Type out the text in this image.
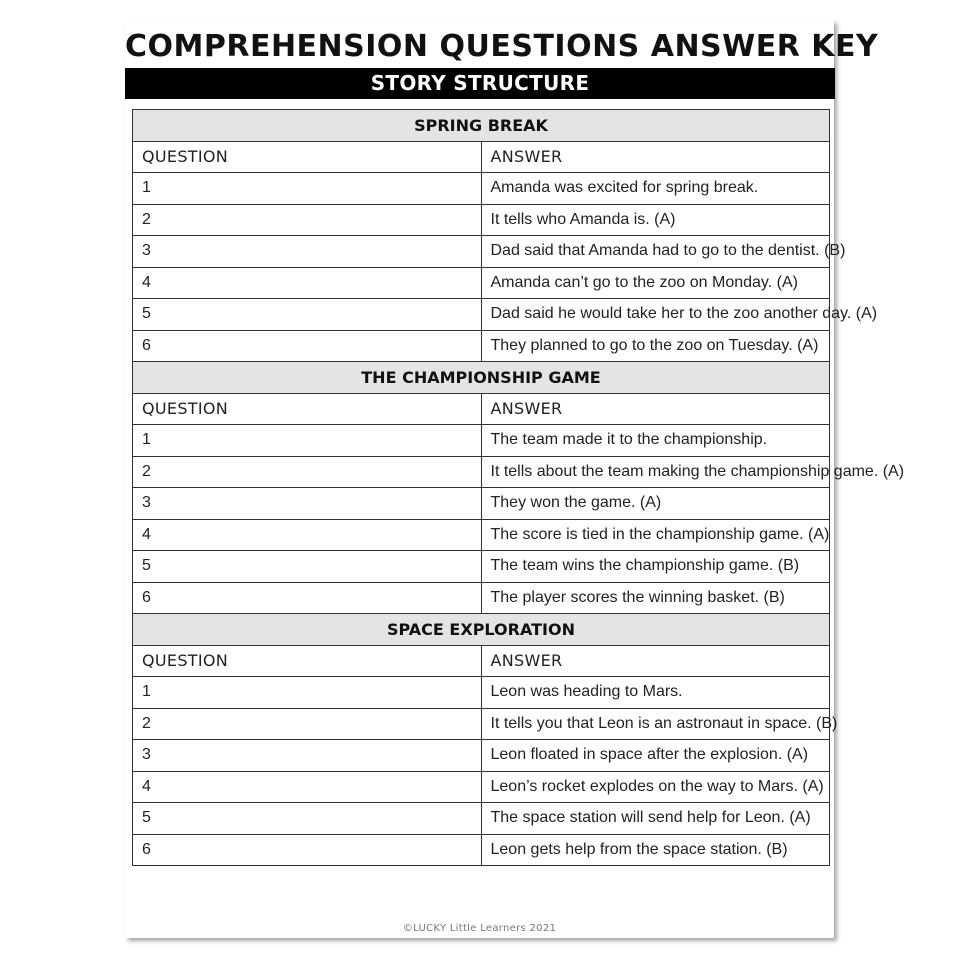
COMPREHENSION QUESTIONS ANSWER KEY
STORY STRUCTURE
SPRING BREAK	
QUESTION	ANSWER
1	Amanda was excited for spring break.
2	It tells who Amanda is. (A)
3	Dad said that Amanda had to go to the dentist. (B)
4	Amanda can’t go to the zoo on Monday. (A)
5	Dad said he would take her to the zoo another day. (A)
6	They planned to go to the zoo on Tuesday. (A)
THE CHAMPIONSHIP GAME	
QUESTION	ANSWER
1	The team made it to the championship.
2	It tells about the team making the championship game. (A)
3	They won the game. (A)
4	The score is tied in the championship game. (A)
5	The team wins the championship game. (B)
6	The player scores the winning basket. (B)
SPACE EXPLORATION	
QUESTION	ANSWER
1	Leon was heading to Mars.
2	It tells you that Leon is an astronaut in space. (B)
3	Leon floated in space after the explosion. (A)
4	Leon’s rocket explodes on the way to Mars. (A)
5	The space station will send help for Leon. (A)
6	Leon gets help from the space station. (B)
©LUCKY Little Learners 2021
